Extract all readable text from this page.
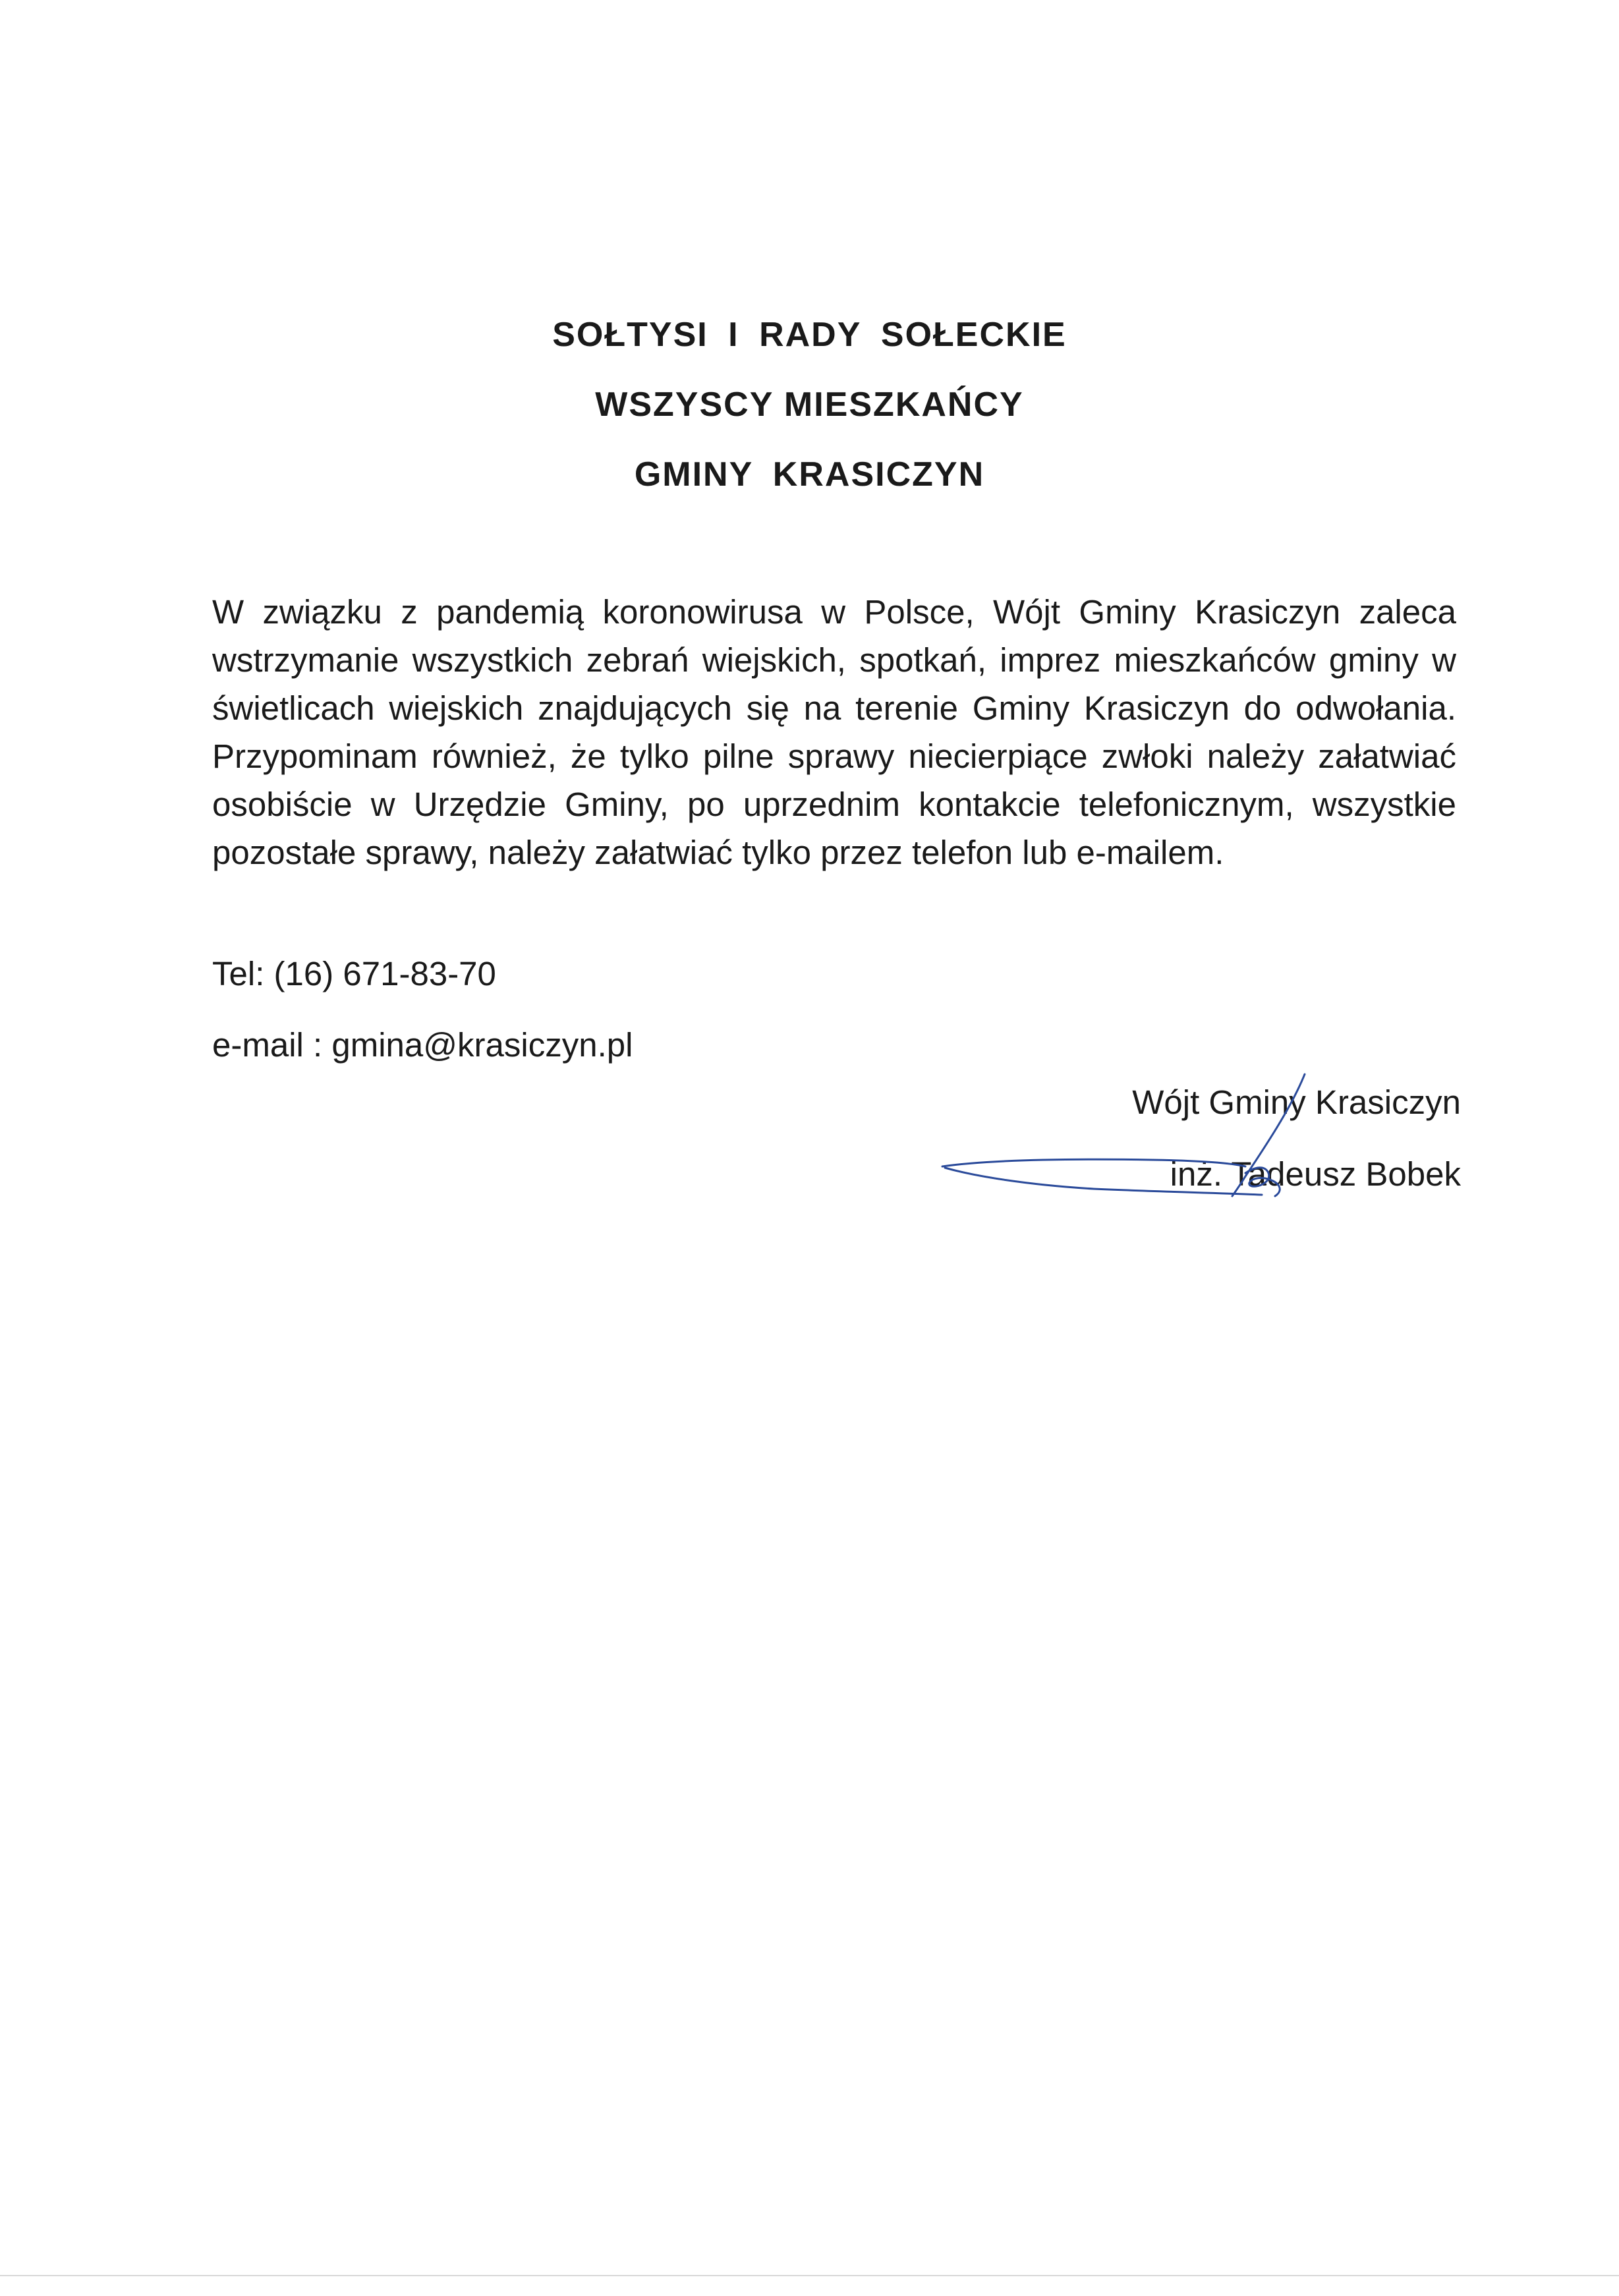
SOŁTYSI I RADY SOŁECKIE
WSZYSCY MIESZKAŃCY
GMINY KRASICZYN
W związku z pandemią koronowirusa w Polsce, Wójt Gminy Krasiczyn zaleca wstrzymanie wszystkich zebrań wiejskich, spotkań, imprez mieszkańców gminy w świetlicach wiejskich znajdujących się na terenie Gminy Krasiczyn do odwołania. Przypominam również, że tylko pilne sprawy niecierpiące zwłoki należy załatwiać osobiście w Urzędzie Gminy, po uprzednim kontakcie telefonicznym, wszystkie pozostałe sprawy, należy załatwiać tylko przez telefon lub e-mailem.
Tel: (16) 671-83-70
e-mail : gmina@krasiczyn.pl
Wójt Gminy Krasiczyn
inż. Tadeusz Bobek
